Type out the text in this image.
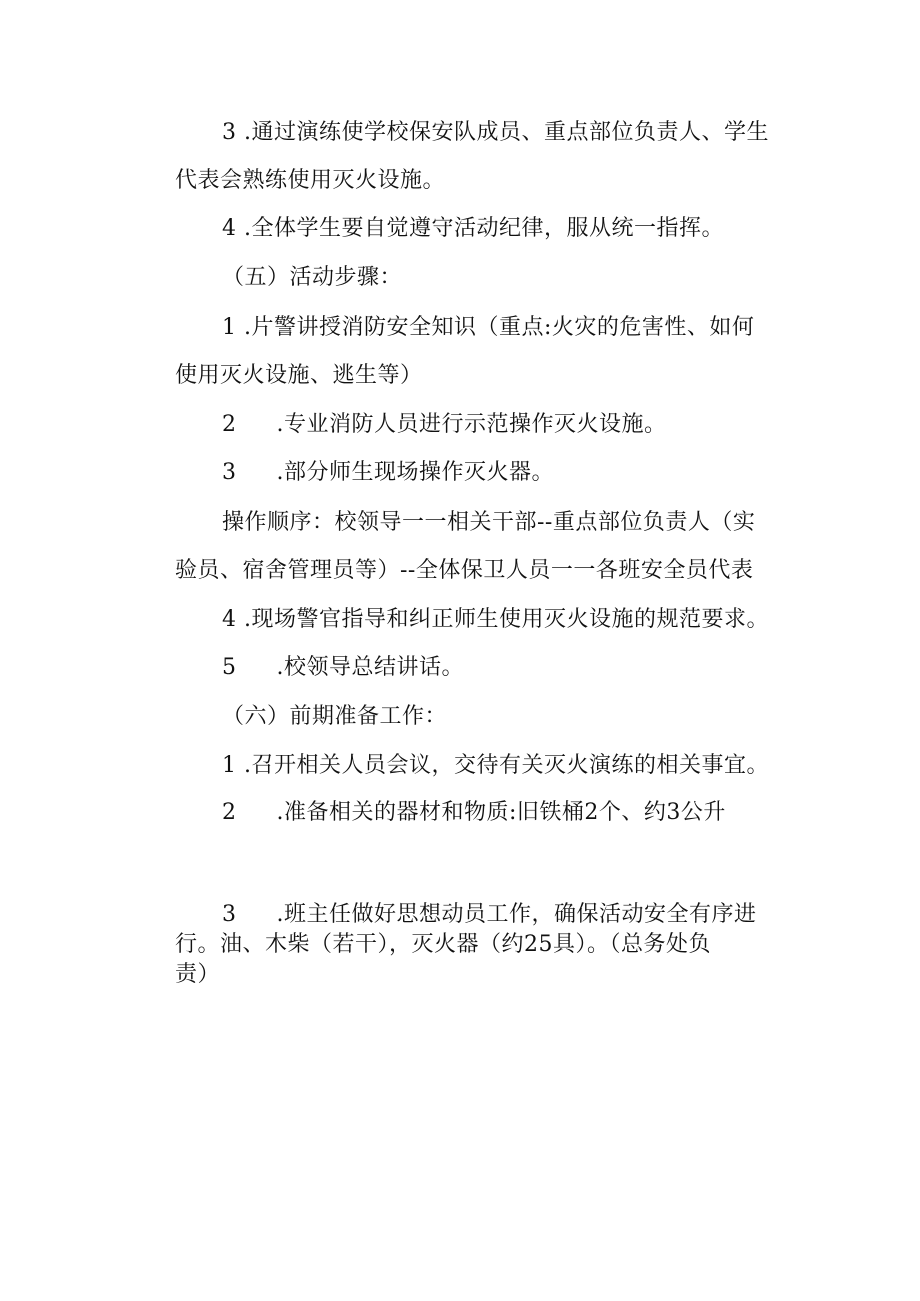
3 .通过演练使学校保安队成员、重点部位负责人、学生
代表会熟练使用灭火设施。
4 .全体学生要自觉遵守活动纪律，服从统一指挥。
（五）活动步骤：
1 .片警讲授消防安全知识（重点:火灾的危害性、如何
使用灭火设施、逃生等）
2 .专业消防人员进行示范操作灭火设施。
3 .部分师生现场操作灭火器。
操作顺序：校领导一一相关干部--重点部位负责人（实
验员、宿舍管理员等）--全体保卫人员一一各班安全员代表
4 .现场警官指导和纠正师生使用灭火设施的规范要求。
5 .校领导总结讲话。
（六）前期准备工作：
1 .召开相关人员会议，交待有关灭火演练的相关事宜。
2 .准备相关的器材和物质:旧铁桶2个、约3公升
3 .班主任做好思想动员工作，确保活动安全有序进
行。油、木柴（若干），灭火器（约25具）。（总务处负
责）
